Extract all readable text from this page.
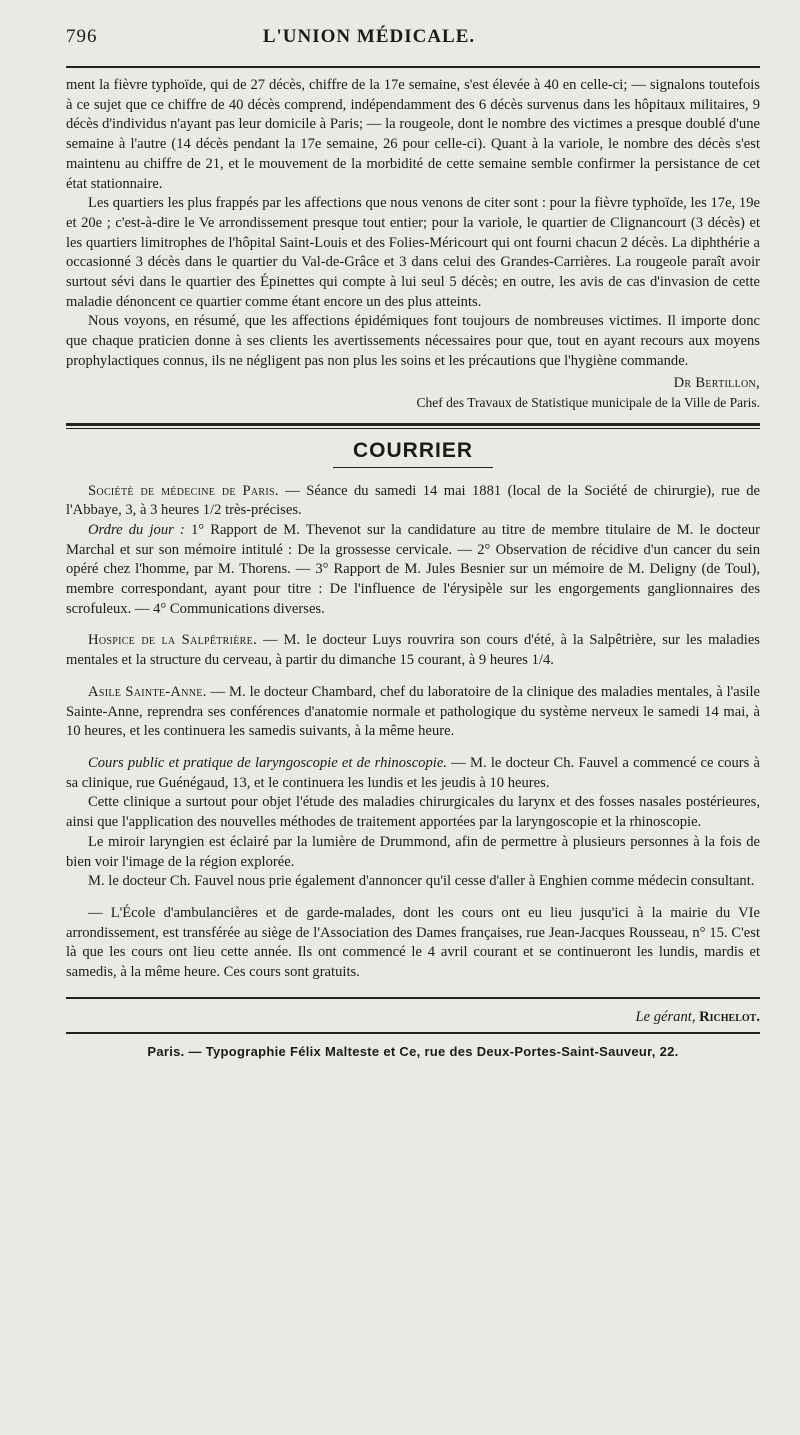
796	L'UNION MÉDICALE.

ment la fièvre typhoïde, qui de 27 décès, chiffre de la 17e semaine, s'est élevée à 40 en celle-ci; — signalons toutefois à ce sujet que ce chiffre de 40 décès comprend, indépendamment des 6 décès survenus dans les hôpitaux militaires, 9 décès d'individus n'ayant pas leur domicile à Paris; — la rougeole, dont le nombre des victimes a presque doublé d'une semaine à l'autre (14 décès pendant la 17e semaine, 26 pour celle-ci). Quant à la variole, le nombre des décès s'est maintenu au chiffre de 21, et le mouvement de la morbidité de cette semaine semble confirmer la persistance de cet état stationnaire.

Les quartiers les plus frappés par les affections que nous venons de citer sont : pour la fièvre typhoïde, les 17e, 19e et 20e ; c'est-à-dire le Ve arrondissement presque tout entier; pour la variole, le quartier de Clignancourt (3 décès) et les quartiers limitrophes de l'hôpital Saint-Louis et des Folies-Méricourt qui ont fourni chacun 2 décès. La diphthérie a occasionné 3 décès dans le quartier du Val-de-Grâce et 3 dans celui des Grandes-Carrières. La rougeole paraît avoir surtout sévi dans le quartier des Épinettes qui compte à lui seul 5 décès; en outre, les avis de cas d'invasion de cette maladie dénoncent ce quartier comme étant encore un des plus atteints.

Nous voyons, en résumé, que les affections épidémiques font toujours de nombreuses victimes. Il importe donc que chaque praticien donne à ses clients les avertissements nécessaires pour que, tout en ayant recours aux moyens prophylactiques connus, ils ne négligent pas non plus les soins et les précautions que l'hygiène commande.

Dr Bertillon,
Chef des Travaux de Statistique municipale de la Ville de Paris.
COURRIER

Société de médecine de Paris. — Séance du samedi 14 mai 1881 (local de la Société de chirurgie), rue de l'Abbaye, 3, à 3 heures 1/2 très-précises.

Ordre du jour : 1° Rapport de M. Thevenot sur la candidature au titre de membre titulaire de M. le docteur Marchal et sur son mémoire intitulé : De la grossesse cervicale. — 2° Observation de récidive d'un cancer du sein opéré chez l'homme, par M. Thorens. — 3° Rapport de M. Jules Besnier sur un mémoire de M. Deligny (de Toul), membre correspondant, ayant pour titre : De l'influence de l'érysipèle sur les engorgements ganglionnaires des scrofuleux. — 4° Communications diverses.

Hospice de la Salpêtrière. — M. le docteur Luys rouvrira son cours d'été, à la Salpêtrière, sur les maladies mentales et la structure du cerveau, à partir du dimanche 15 courant, à 9 heures 1/4.

Asile Sainte-Anne. — M. le docteur Chambard, chef du laboratoire de la clinique des maladies mentales, à l'asile Sainte-Anne, reprendra ses conférences d'anatomie normale et pathologique du système nerveux le samedi 14 mai, à 10 heures, et les continuera les samedis suivants, à la même heure.

Cours public et pratique de laryngoscopie et de rhinoscopie. — M. le docteur Ch. Fauvel a commencé ce cours à sa clinique, rue Guénégaud, 13, et le continuera les lundis et les jeudis à 10 heures.

Cette clinique a surtout pour objet l'étude des maladies chirurgicales du larynx et des fosses nasales postérieures, ainsi que l'application des nouvelles méthodes de traitement apportées par la laryngoscopie et la rhinoscopie.

Le miroir laryngien est éclairé par la lumière de Drummond, afin de permettre à plusieurs personnes à la fois de bien voir l'image de la région explorée.

M. le docteur Ch. Fauvel nous prie également d'annoncer qu'il cesse d'aller à Enghien comme médecin consultant.

— L'École d'ambulancières et de garde-malades, dont les cours ont eu lieu jusqu'ici à la mairie du VIe arrondissement, est transférée au siège de l'Association des Dames françaises, rue Jean-Jacques Rousseau, n° 15. C'est là que les cours ont lieu cette année. Ils ont commencé le 4 avril courant et se continueront les lundis, mardis et samedis, à la même heure. Ces cours sont gratuits.

Le gérant, Richelot.
Paris. — Typographie Félix Malteste et Ce, rue des Deux-Portes-Saint-Sauveur, 22.
